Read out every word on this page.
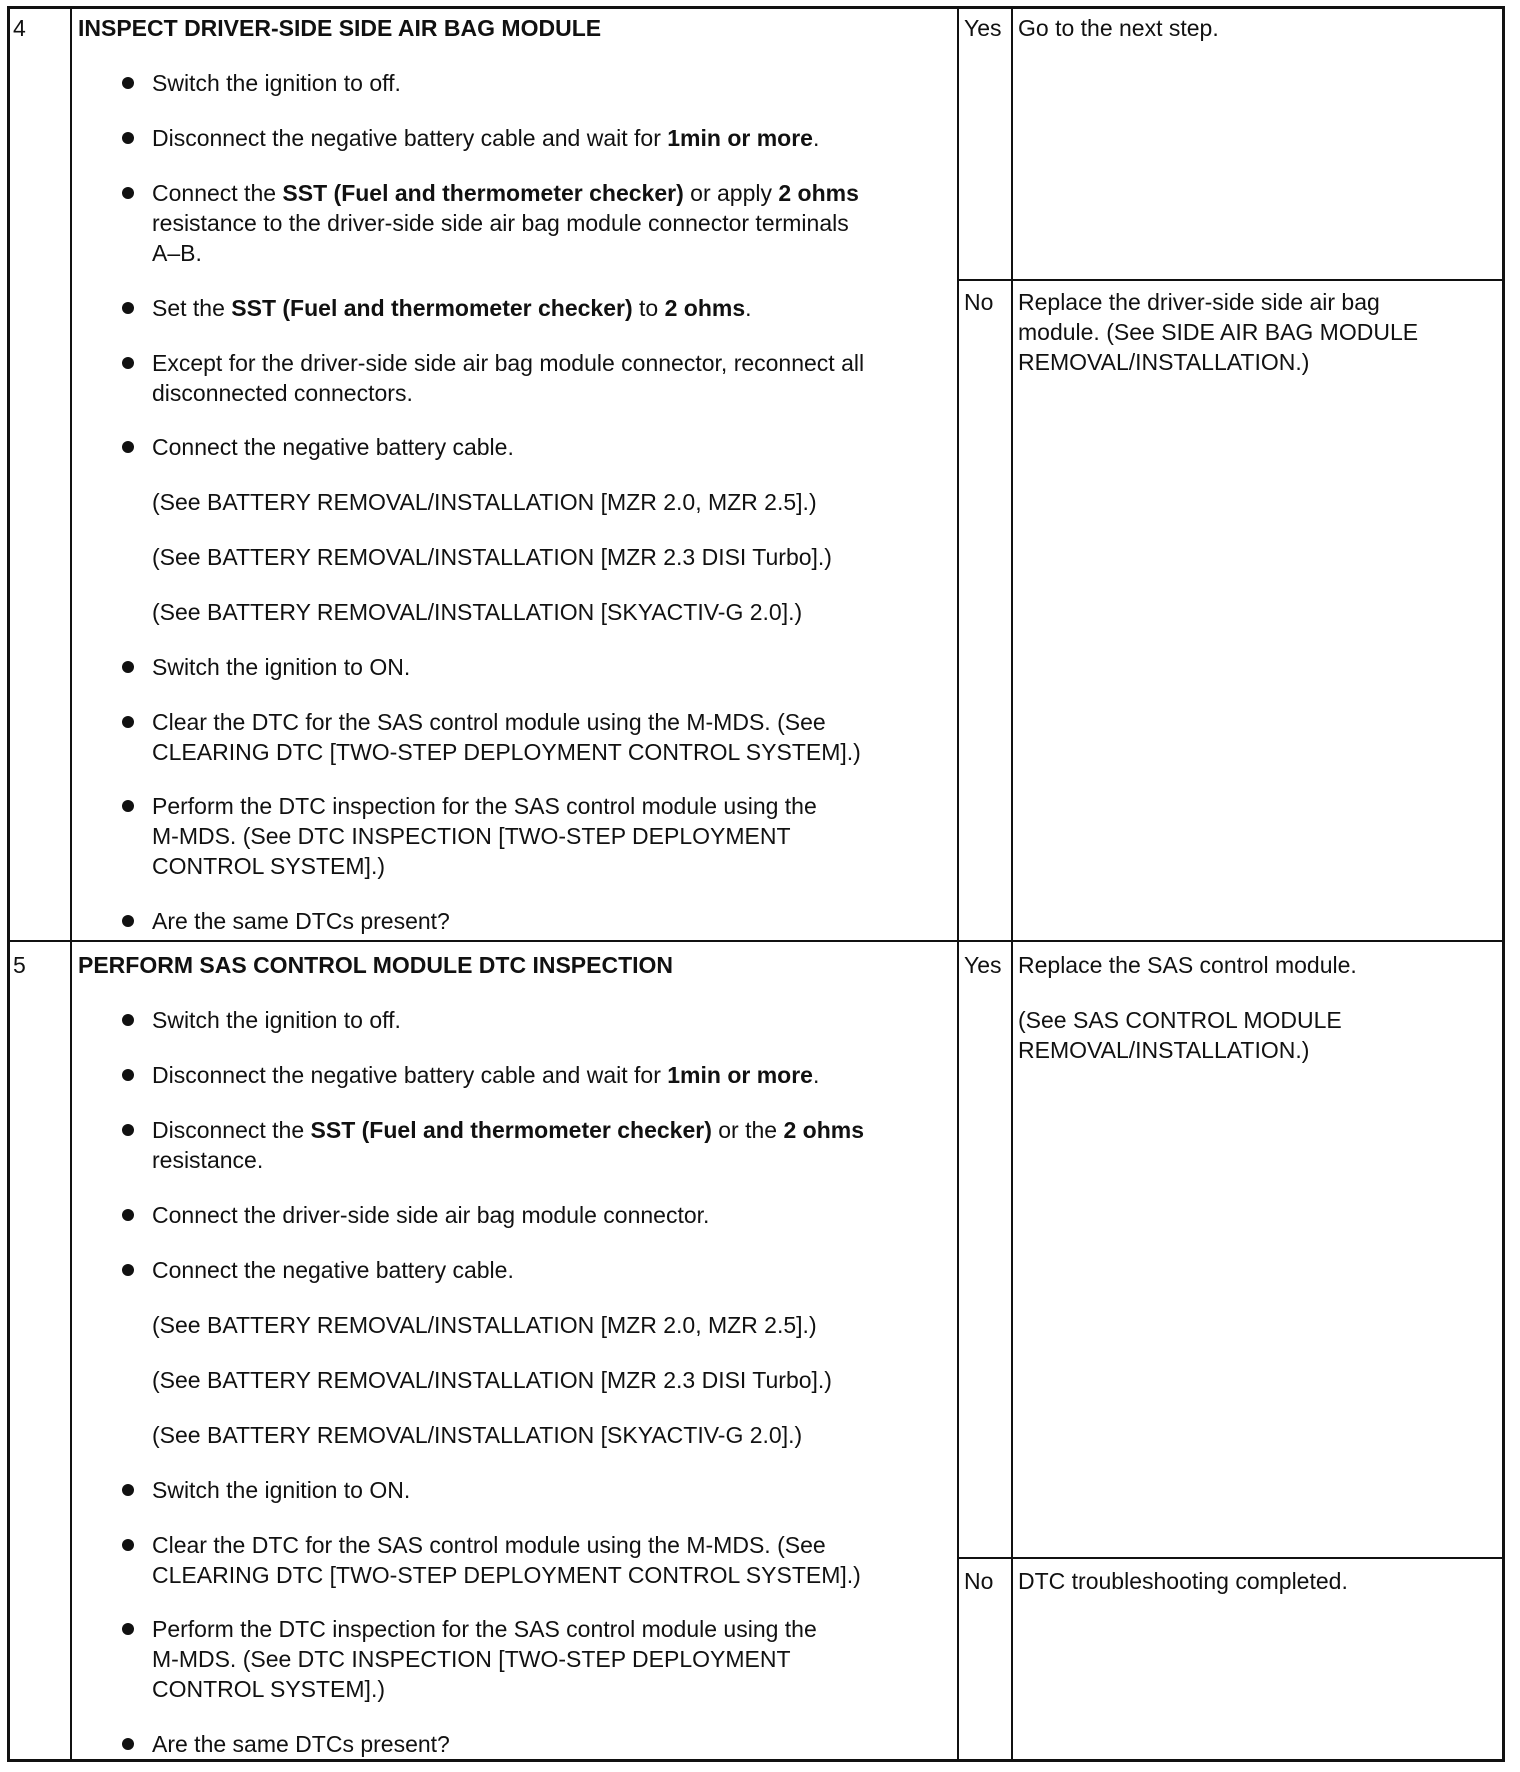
4 INSPECT DRIVER-SIDE SIDE AIR BAG MODULE
Switch the ignition to off.
Disconnect the negative battery cable and wait for 1min or more.
Connect the SST (Fuel and thermometer checker) or apply 2 ohms
resistance to the driver-side side air bag module connector terminals
A–B.
Set the SST (Fuel and thermometer checker) to 2 ohms.
Except for the driver-side side air bag module connector, reconnect all
disconnected connectors.
Connect the negative battery cable.
(See BATTERY REMOVAL/INSTALLATION [MZR 2.0, MZR 2.5].)
(See BATTERY REMOVAL/INSTALLATION [MZR 2.3 DISI Turbo].)
(See BATTERY REMOVAL/INSTALLATION [SKYACTIV-G 2.0].)
Switch the ignition to ON.
Clear the DTC for the SAS control module using the M-MDS. (See
CLEARING DTC [TWO-STEP DEPLOYMENT CONTROL SYSTEM].)
Perform the DTC inspection for the SAS control module using the
M-MDS. (See DTC INSPECTION [TWO-STEP DEPLOYMENT
CONTROL SYSTEM].)
Are the same DTCs present?
Yes Go to the next step.
No Replace the driver-side side air bag
module. (See SIDE AIR BAG MODULE
REMOVAL/INSTALLATION.)
5 PERFORM SAS CONTROL MODULE DTC INSPECTION
Switch the ignition to off.
Disconnect the negative battery cable and wait for 1min or more.
Disconnect the SST (Fuel and thermometer checker) or the 2 ohms
resistance.
Connect the driver-side side air bag module connector.
Connect the negative battery cable.
(See BATTERY REMOVAL/INSTALLATION [MZR 2.0, MZR 2.5].)
(See BATTERY REMOVAL/INSTALLATION [MZR 2.3 DISI Turbo].)
(See BATTERY REMOVAL/INSTALLATION [SKYACTIV-G 2.0].)
Switch the ignition to ON.
Clear the DTC for the SAS control module using the M-MDS. (See
CLEARING DTC [TWO-STEP DEPLOYMENT CONTROL SYSTEM].)
Perform the DTC inspection for the SAS control module using the
M-MDS. (See DTC INSPECTION [TWO-STEP DEPLOYMENT
CONTROL SYSTEM].)
Are the same DTCs present?
Yes Replace the SAS control module.
(See SAS CONTROL MODULE
REMOVAL/INSTALLATION.)
No DTC troubleshooting completed.
